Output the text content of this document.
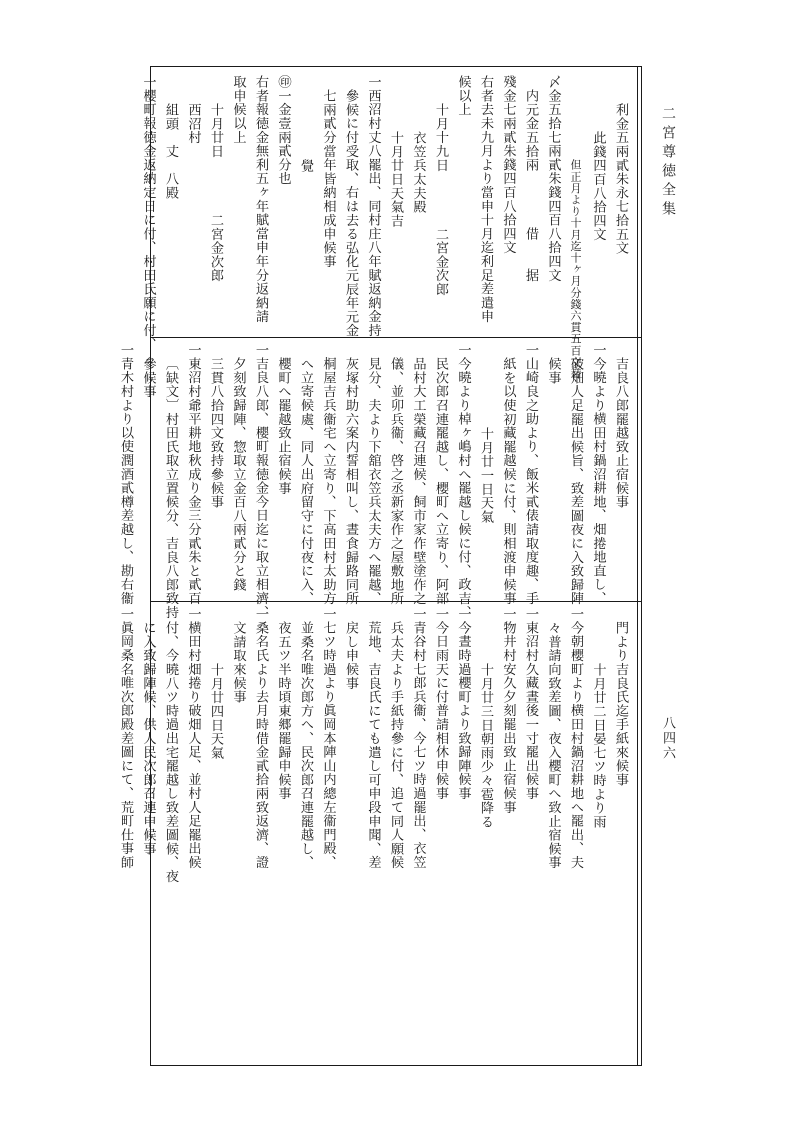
二宮尊徳全集
八四六
利金五兩貳朱永七拾五文
此錢四百八拾四文
但正月より十月迄十ヶ月分錢六貫五百文替
〆金五拾七兩貳朱錢四百八拾四文
内元金五拾兩　　　　借　　据
殘金七兩貳朱錢四百八拾四文
右者去未九月より當申十月迄利足差遣申
候以上
十月十九日　　　　二宮金次郎
衣笠兵太夫殿
十月廿日天氣吉
一西沼村丈八罷出、同村庄八年賦返納金持
參候に付受取、右は去る弘化元辰年元金
七兩貳分當年皆納相成申候事
覺
㊞一金壹兩貳分也
右者報徳金無利五ヶ年賦當申年分返納請
取申候以上
十月廿日　　　　二宮金次郎
西沼村
組頭　丈　八殿
一櫻町報徳金返納定日に付、村田氏願に付、
吉良八郎罷越致止宿候事
一今曉より横田村鍋沼耕地、畑捲地直し、
破畑人足罷出候旨、致差圖夜に入致歸陣
候事
一山崎良之助より、飯米貳俵請取度趣、手
紙を以使初藏罷越候に付、則相渡申候事
十月廿一日天氣
一今曉より棹ヶ嶋村へ罷越し候に付、政吉、
民次郎召連罷越し、櫻町へ立寄り、阿部
品村大工榮藏召連候、飼市家作壁塗作之
儀、並卯兵衞、啓之丞新家作之屋敷地所
見分、夫より下舘衣笠兵太夫方へ罷越、
灰塚村助六案内誓相叫し、晝食歸路同所
桐屋吉兵衞宅へ立寄り、下高田村太助方
へ立寄候處、同人出府留守に付夜に入、
櫻町へ罷越致止宿候事
一吉良八郎、櫻町報徳金今日迄に取立相濟、
夕刻致歸陣、惣取立金百八兩貳分と錢
三貫八拾四文致持參候事
一東沼村爺平耕地秋成り金三分貳朱と貳百
〔缺文〕村田氏取立置候分、吉良八郎致持
參候事
一青木村より以使潤酒貳樽差越し、勘右衞
門より吉良氏迄手紙來候事
十月廿二日晏七ツ時より雨
一今朝櫻町より横田村鍋沼耕地へ罷出、夫
々普請向致差圖、夜入櫻町へ致止宿候事
一東沼村久藏晝後一寸罷出候事
一物井村安久夕刻罷出致止宿候事
十月廿三日朝雨少々雹降る
一今晝時過櫻町より致歸陣候事
一今日雨天に付普請相休申候事
一青谷村七郎兵衞、今七ツ時過罷出、衣笠
兵太夫より手紙持參に付、追て同人願候
荒地、吉良氏にても遣し可申段申聞、差
戻し申候事
一七ツ時過より眞岡本陣山内總左衞門殿、
並桑名唯次郎方へ、民次郎召連罷越し、
夜五ツ半時頃東郷罷歸申候事
一桑名氏より去月時借金貳拾兩致返濟、證
文請取來候事
十月廿四日天氣
一横田村畑捲り破畑人足、並村人足罷出候
付、今曉八ツ時過出宅罷越し致差圖候、夜
に入致歸陣候、供人民次郎召連申候事
一眞岡桑名唯次郎殿差圖にて、荒町仕事師
